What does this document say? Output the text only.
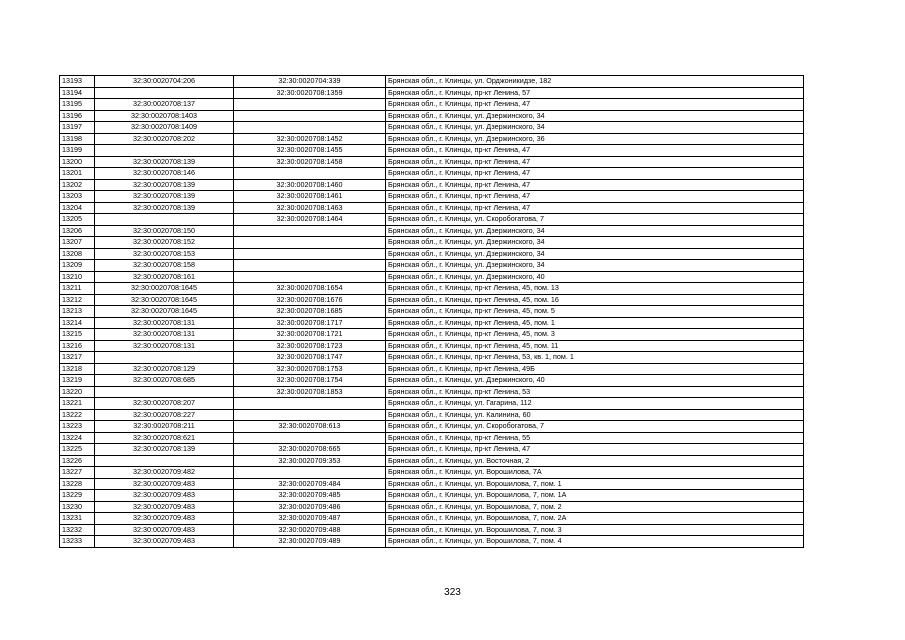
13193	32:30:0020704:206	32:30:0020704:339	Брянская обл., г. Клинцы, ул. Орджоникидзе, 182
13194		32:30:0020708:1359	Брянская обл., г. Клинцы, пр-кт Ленина, 57
13195	32:30:0020708:137		Брянская обл., г. Клинцы, пр-кт Ленина, 47
13196	32:30:0020708:1403		Брянская обл., г. Клинцы, ул. Дзержинского, 34
13197	32:30:0020708:1409		Брянская обл., г. Клинцы, ул. Дзержинского, 34
13198	32:30:0020708:202	32:30:0020708:1452	Брянская обл., г. Клинцы, ул. Дзержинского, 36
13199		32:30:0020708:1455	Брянская обл., г. Клинцы, пр-кт Ленина, 47
13200	32:30:0020708:139	32:30:0020708:1458	Брянская обл., г. Клинцы, пр-кт Ленина, 47
13201	32:30:0020708:146		Брянская обл., г. Клинцы, пр-кт Ленина, 47
13202	32:30:0020708:139	32:30:0020708:1460	Брянская обл., г. Клинцы, пр-кт Ленина, 47
13203	32:30:0020708:139	32:30:0020708:1461	Брянская обл., г. Клинцы, пр-кт Ленина, 47
13204	32:30:0020708:139	32:30:0020708:1463	Брянская обл., г. Клинцы, пр-кт Ленина, 47
13205		32:30:0020708:1464	Брянская обл., г. Клинцы, ул. Скоробогатова, 7
13206	32:30:0020708:150		Брянская обл., г. Клинцы, ул. Дзержинского, 34
13207	32:30:0020708:152		Брянская обл., г. Клинцы, ул. Дзержинского, 34
13208	32:30:0020708:153		Брянская обл., г. Клинцы, ул. Дзержинского, 34
13209	32:30:0020708:158		Брянская обл., г. Клинцы, ул. Дзержинского, 34
13210	32:30:0020708:161		Брянская обл., г. Клинцы, ул. Дзержинского, 40
13211	32:30:0020708:1645	32:30:0020708:1654	Брянская обл., г. Клинцы, пр-кт Ленина, 45, пом. 13
13212	32:30:0020708:1645	32:30:0020708:1676	Брянская обл., г. Клинцы, пр-кт Ленина, 45, пом. 16
13213	32:30:0020708:1645	32:30:0020708:1685	Брянская обл., г. Клинцы, пр-кт Ленина, 45, пом. 5
13214	32:30:0020708:131	32:30:0020708:1717	Брянская обл., г. Клинцы, пр-кт Ленина, 45, пом. 1
13215	32:30:0020708:131	32:30:0020708:1721	Брянская обл., г. Клинцы, пр-кт Ленина, 45, пом. 3
13216	32:30:0020708:131	32:30:0020708:1723	Брянская обл., г. Клинцы, пр-кт Ленина, 45, пом. 11
13217		32:30:0020708:1747	Брянская обл., г. Клинцы, пр-кт Ленина, 53, кв. 1, пом. 1
13218	32:30:0020708:129	32:30:0020708:1753	Брянская обл., г. Клинцы, пр-кт Ленина, 49Б
13219	32:30:0020708:685	32:30:0020708:1754	Брянская обл., г. Клинцы, ул. Дзержинского, 40
13220		32:30:0020708:1853	Брянская обл., г. Клинцы, пр-кт Ленина, 53
13221	32:30:0020708:207		Брянская обл., г. Клинцы, ул. Гагарина, 112
13222	32:30:0020708:227		Брянская обл., г. Клинцы, ул. Калинина, 60
13223	32:30:0020708:211	32:30:0020708:613	Брянская обл., г. Клинцы, ул. Скоробогатова, 7
13224	32:30:0020708:621		Брянская обл., г. Клинцы, пр-кт Ленина, 55
13225	32:30:0020708:139	32:30:0020708:665	Брянская обл., г. Клинцы, пр-кт Ленина, 47
13226		32:30:0020709:353	Брянская обл., г. Клинцы, ул. Восточная, 2
13227	32:30:0020709:482		Брянская обл., г. Клинцы, ул. Ворошилова, 7А
13228	32:30:0020709:483	32:30:0020709:484	Брянская обл., г. Клинцы, ул. Ворошилова, 7, пом. 1
13229	32:30:0020709:483	32:30:0020709:485	Брянская обл., г. Клинцы, ул. Ворошилова, 7, пом. 1А
13230	32:30:0020709:483	32:30:0020709:486	Брянская обл., г. Клинцы, ул. Ворошилова, 7, пом. 2
13231	32:30:0020709:483	32:30:0020709:487	Брянская обл., г. Клинцы, ул. Ворошилова, 7, пом. 2А
13232	32:30:0020709:483	32:30:0020709:488	Брянская обл., г. Клинцы, ул. Ворошилова, 7, пом. 3
13233	32:30:0020709:483	32:30:0020709:489	Брянская обл., г. Клинцы, ул. Ворошилова, 7, пом. 4
323
